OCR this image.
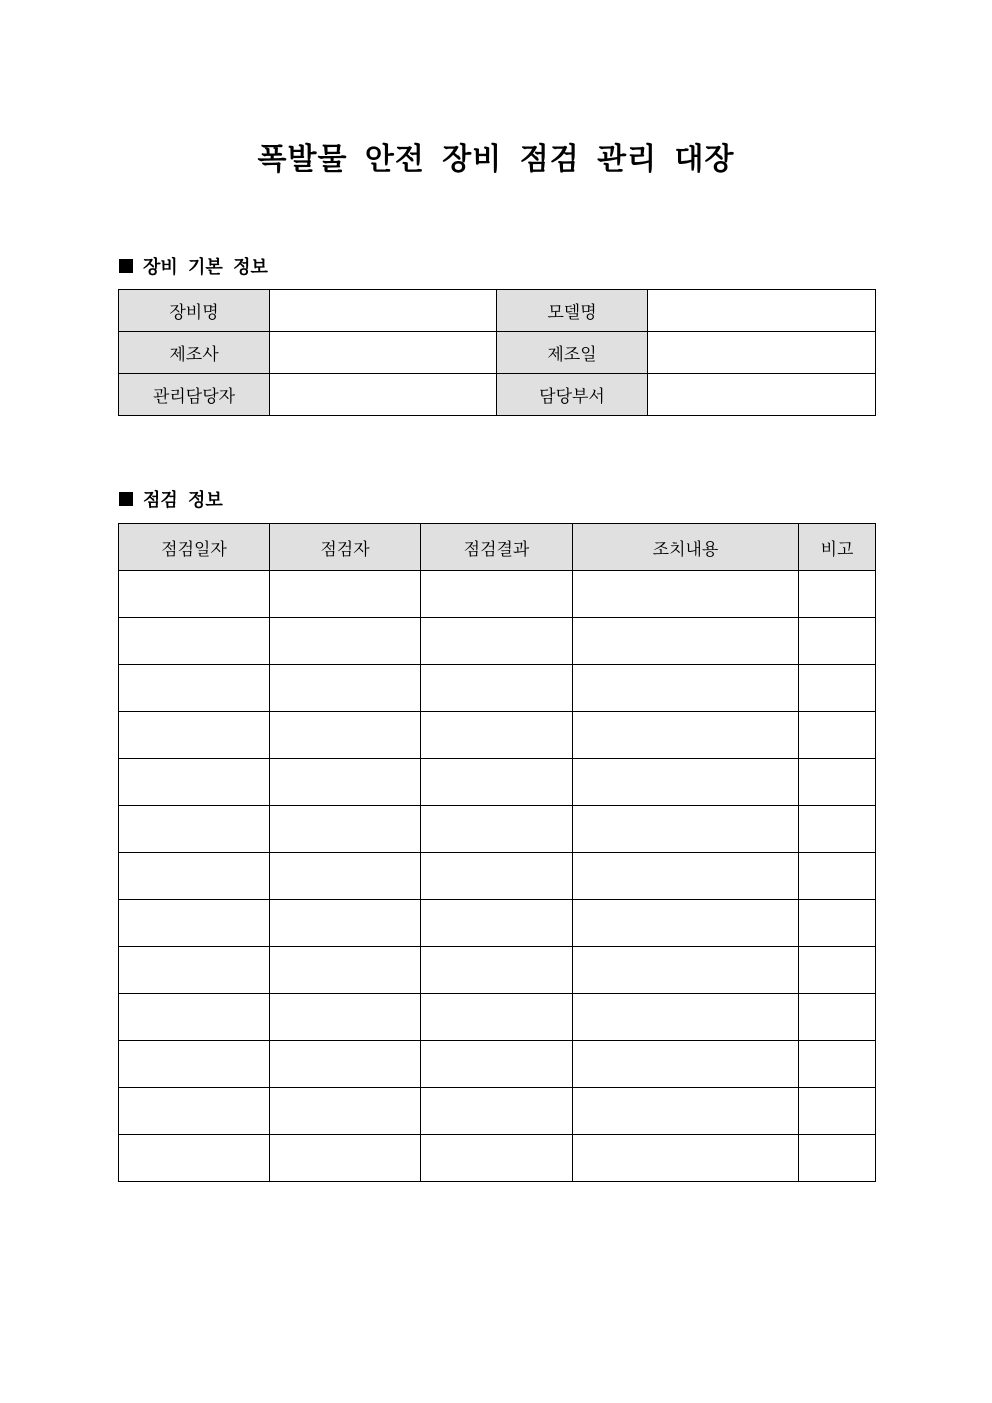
폭발물 안전 장비 점검 관리 대장
장비 기본 정보
장비명		모델명	
제조사		제조일	
관리담당자		담당부서	
점검 정보
점검일자	점검자	점검결과	조치내용	비고
